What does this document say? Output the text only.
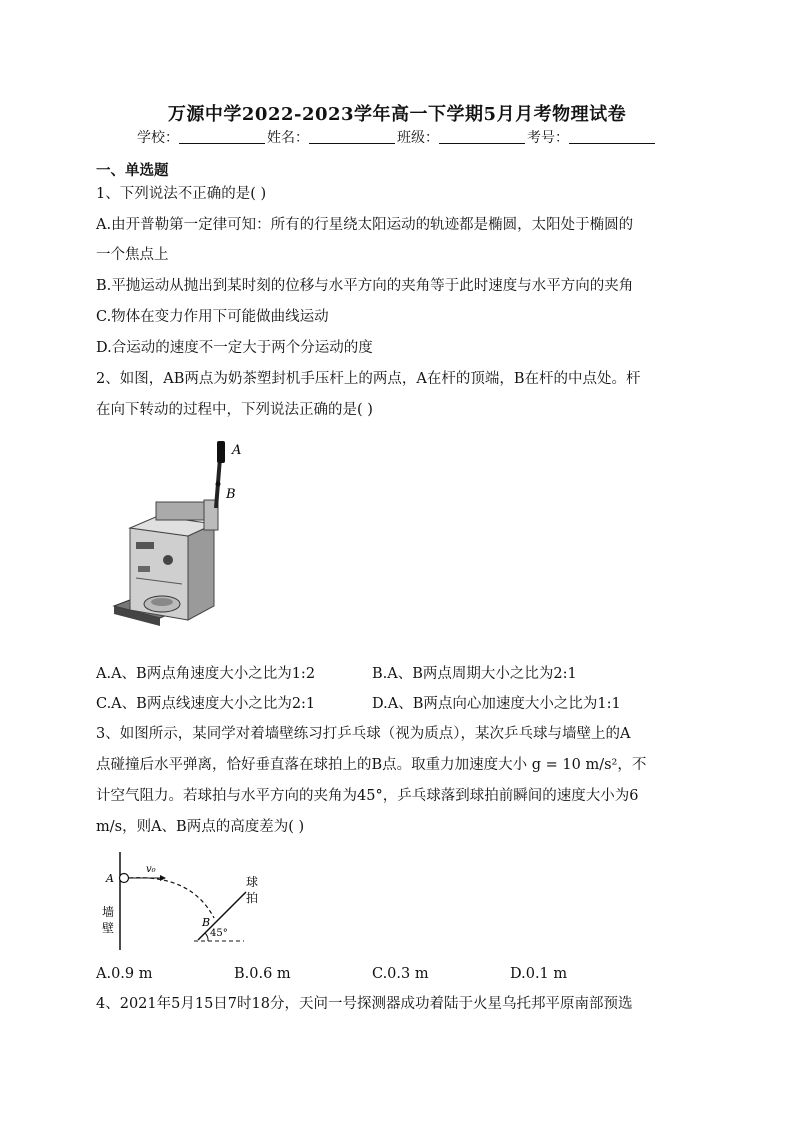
万源中学2022-2023学年高一下学期5月月考物理试卷
学校：	姓名：	班级：	考号：
一、单选题
1、下列说法不正确的是( )
A.由开普勒第一定律可知：所有的行星绕太阳运动的轨迹都是椭圆，太阳处于椭圆的
一个焦点上
B.平抛运动从抛出到某时刻的位移与水平方向的夹角等于此时速度与水平方向的夹角
C.物体在变力作用下可能做曲线运动
D.合运动的速度不一定大于两个分运动的度
2、如图，AB两点为奶茶塑封机手压杆上的两点，A在杆的顶端，B在杆的中点处。杆
在向下转动的过程中，下列说法正确的是( )
A
B
A.A、B两点角速度大小之比为1:2	B.A、B两点周期大小之比为2:1
C.A、B两点线速度大小之比为2:1	D.A、B两点向心加速度大小之比为1:1
3、如图所示，某同学对着墙壁练习打乒乓球（视为质点），某次乒乓球与墙壁上的A
点碰撞后水平弹离，恰好垂直落在球拍上的B点。取重力加速度大小 g = 10 m/s²，不
计空气阻力。若球拍与水平方向的夹角为45°，乒乓球落到球拍前瞬间的速度大小为6
m/s，则A、B两点的高度差为( )
A
B
v₀
墙
壁
球
拍
45°
A.0.9 m	B.0.6 m	C.0.3 m	D.0.1 m
4、2021年5月15日7时18分，天问一号探测器成功着陆于火星乌托邦平原南部预选
